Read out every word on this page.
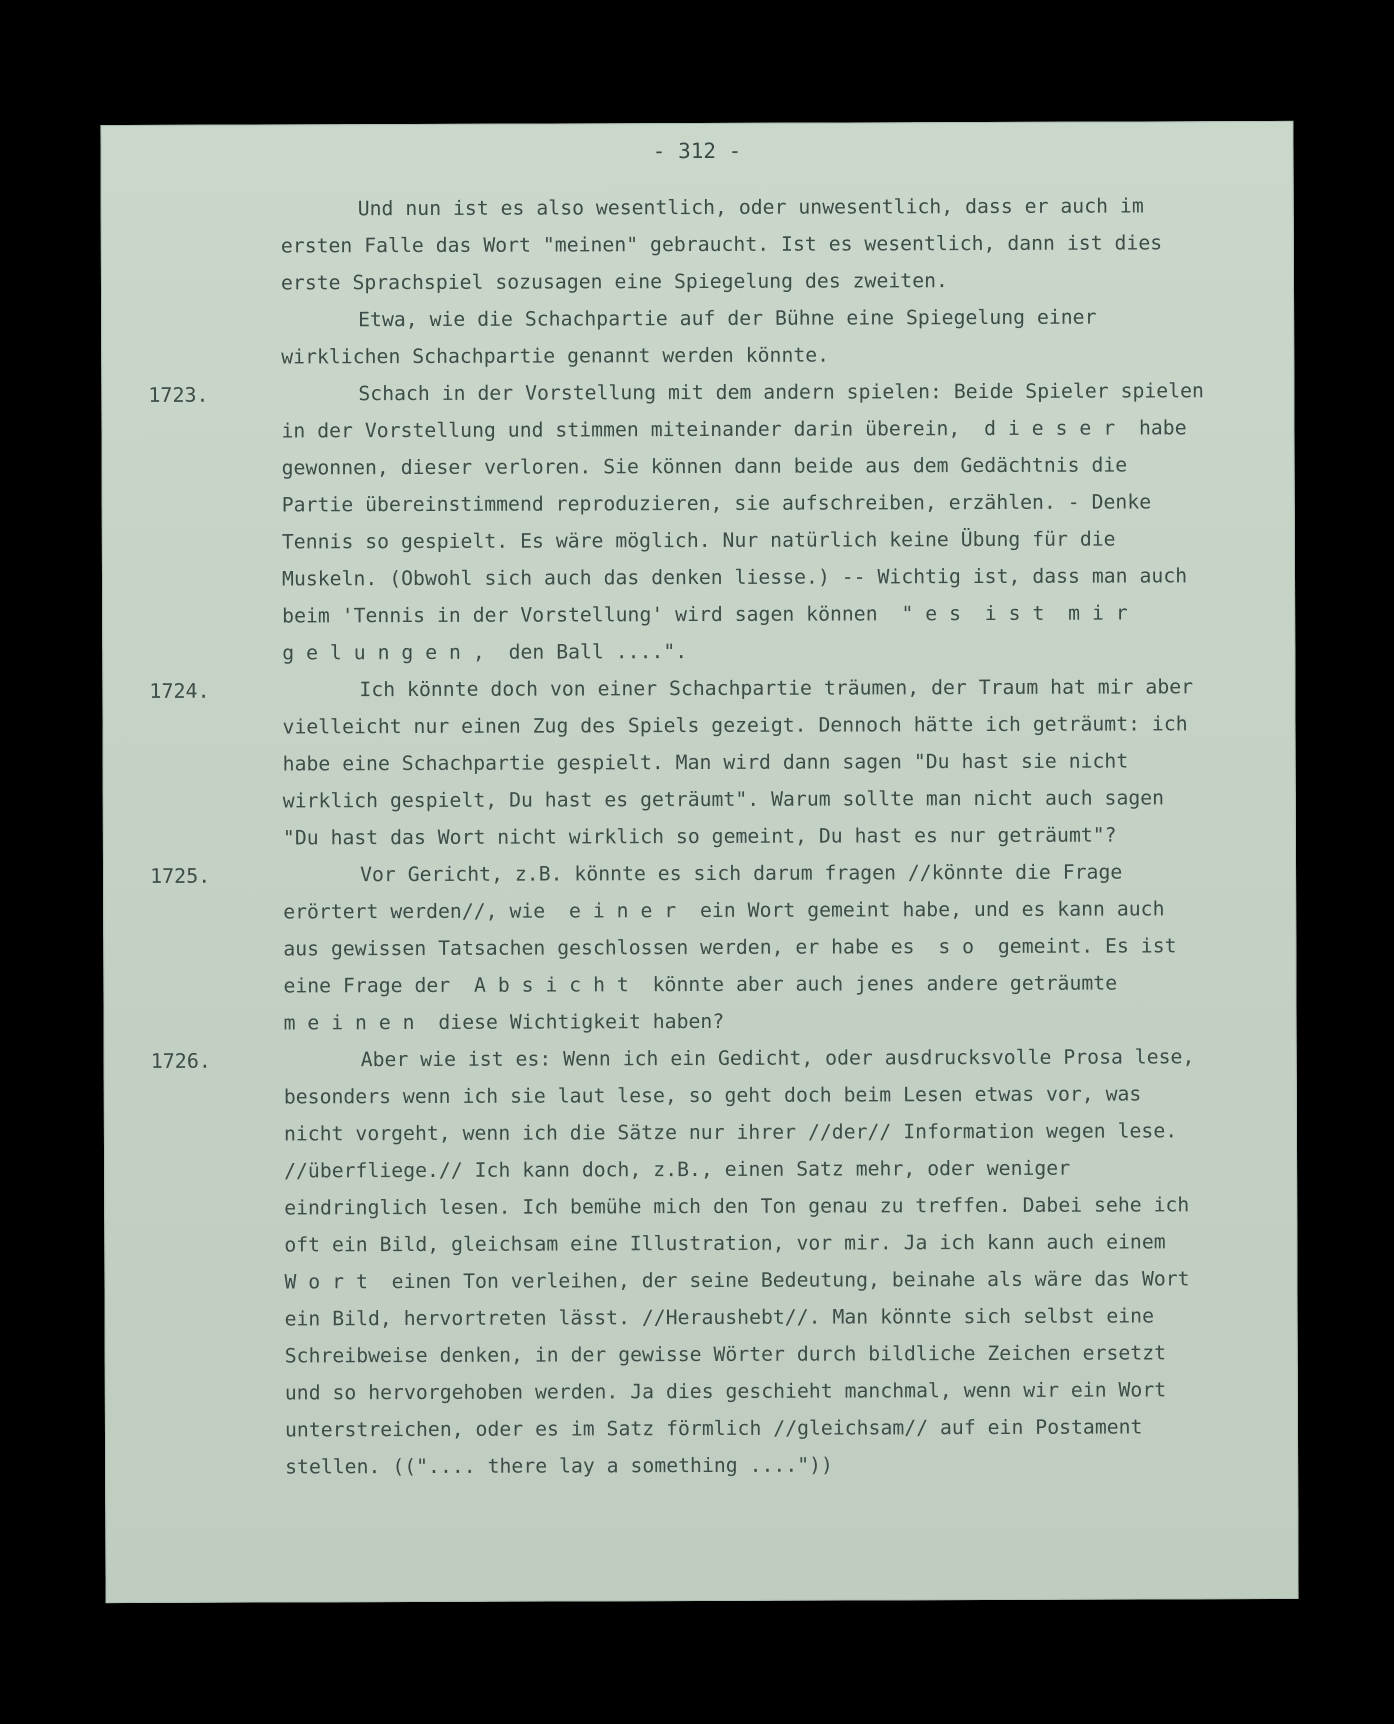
- 312 -
Und nun ist es also wesentlich, oder unwesentlich, dass er auch im
ersten Falle das Wort "meinen" gebraucht. Ist es wesentlich, dann ist dies
erste Sprachspiel sozusagen eine Spiegelung des zweiten.
Etwa, wie die Schachpartie auf der Bühne eine Spiegelung einer
wirklichen Schachpartie genannt werden könnte.
1723.	Schach in der Vorstellung mit dem andern spielen: Beide Spieler spielen
in der Vorstellung und stimmen miteinander darin überein,  d i e s e r  habe
gewonnen, dieser verloren. Sie können dann beide aus dem Gedächtnis die
Partie übereinstimmend reproduzieren, sie aufschreiben, erzählen. - Denke
Tennis so gespielt. Es wäre möglich. Nur natürlich keine Übung für die
Muskeln. (Obwohl sich auch das denken liesse.) -- Wichtig ist, dass man auch
beim 'Tennis in der Vorstellung' wird sagen können  " e s  i s t  m i r
g e l u n g e n ,  den Ball ....".
1724.	Ich könnte doch von einer Schachpartie träumen, der Traum hat mir aber
vielleicht nur einen Zug des Spiels gezeigt. Dennoch hätte ich geträumt: ich
habe eine Schachpartie gespielt. Man wird dann sagen "Du hast sie nicht
wirklich gespielt, Du hast es geträumt". Warum sollte man nicht auch sagen
"Du hast das Wort nicht wirklich so gemeint, Du hast es nur geträumt"?
1725.	Vor Gericht, z.B. könnte es sich darum fragen //könnte die Frage
erörtert werden//, wie  e i n e r  ein Wort gemeint habe, und es kann auch
aus gewissen Tatsachen geschlossen werden, er habe es  s o  gemeint. Es ist
eine Frage der  A b s i c h t  könnte aber auch jenes andere geträumte
m e i n e n  diese Wichtigkeit haben?
1726.	Aber wie ist es: Wenn ich ein Gedicht, oder ausdrucksvolle Prosa lese,
besonders wenn ich sie laut lese, so geht doch beim Lesen etwas vor, was
nicht vorgeht, wenn ich die Sätze nur ihrer //der// Information wegen lese.
//überfliege.// Ich kann doch, z.B., einen Satz mehr, oder weniger
eindringlich lesen. Ich bemühe mich den Ton genau zu treffen. Dabei sehe ich
oft ein Bild, gleichsam eine Illustration, vor mir. Ja ich kann auch einem
W o r t  einen Ton verleihen, der seine Bedeutung, beinahe als wäre das Wort
ein Bild, hervortreten lässt. //Heraushebt//. Man könnte sich selbst eine
Schreibweise denken, in der gewisse Wörter durch bildliche Zeichen ersetzt
und so hervorgehoben werden. Ja dies geschieht manchmal, wenn wir ein Wort
unterstreichen, oder es im Satz förmlich //gleichsam// auf ein Postament
stellen. ((".... there lay a something ...."))
